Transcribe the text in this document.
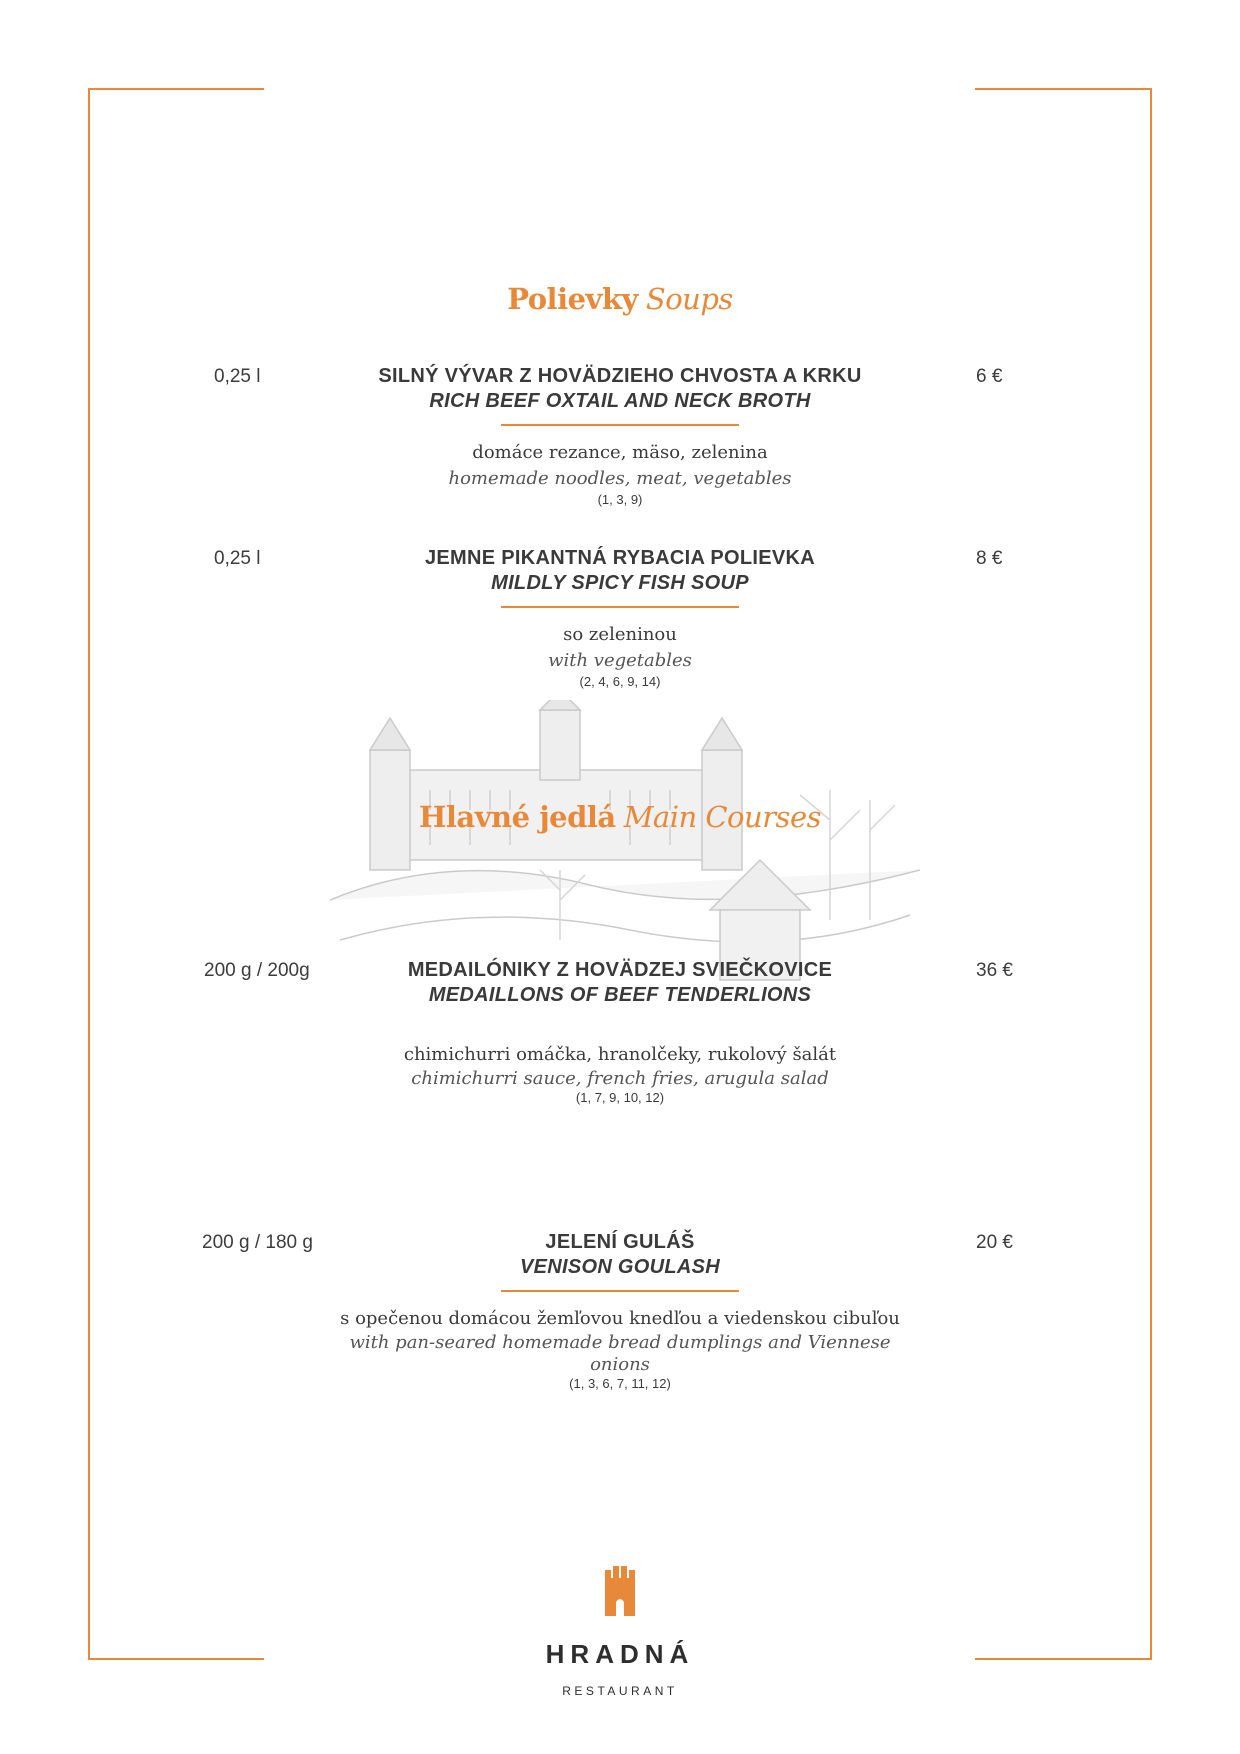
Polievky Soups
0,25 l	6 €
SILNÝ VÝVAR Z HOVÄDZIEHO CHVOSTA A KRKU
RICH BEEF OXTAIL AND NECK BROTH
domáce rezance, mäso, zelenina
homemade noodles, meat, vegetables
(1, 3, 9)
0,25 l	8 €
JEMNE PIKANTNÁ RYBACIA POLIEVKA
MILDLY SPICY FISH SOUP
so zeleninou
with vegetables
(2, 4, 6, 9, 14)
Hlavné jedlá Main Courses
200 g / 200g	36 €
MEDAILÓNIKY Z HOVÄDZEJ SVIEČKOVICE
MEDAILLONS OF BEEF TENDERLIONS
chimichurri omáčka, hranolčeky, rukolový šalát
chimichurri sauce, french fries, arugula salad
(1, 7, 9, 10, 12)
200 g / 180 g	20 €
JELENÍ GULÁŠ
VENISON GOULASH
s opečenou domácou žemľovou knedľou a viedenskou cibuľou
with pan-seared homemade bread dumplings and Viennese onions
(1, 3, 6, 7, 11, 12)
HRADNÁ
RESTAURANT
